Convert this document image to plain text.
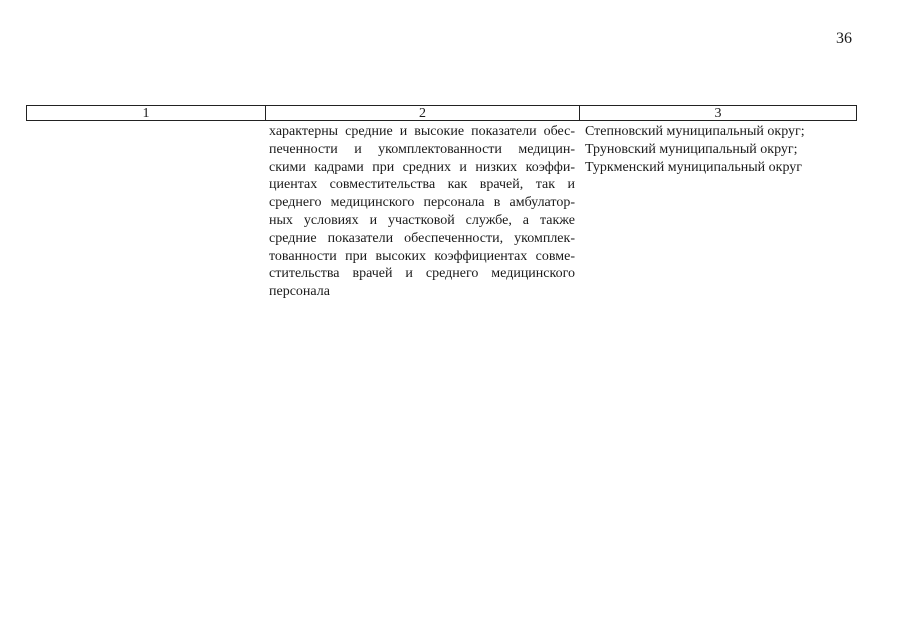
36
1	2	3
характерны средние и высокие показатели обес-
печенности и укомплектованности медицин-
скими кадрами при средних и низких коэффи-
циентах совместительства как врачей, так и
среднего медицинского персонала в амбулатор-
ных условиях и участковой службе, а также
средние показатели обеспеченности, укомплек-
тованности при высоких коэффициентах совме-
стительства врачей и среднего медицинского
персонала
Степновский муниципальный округ;
Труновский муниципальный округ;
Туркменский муниципальный округ
